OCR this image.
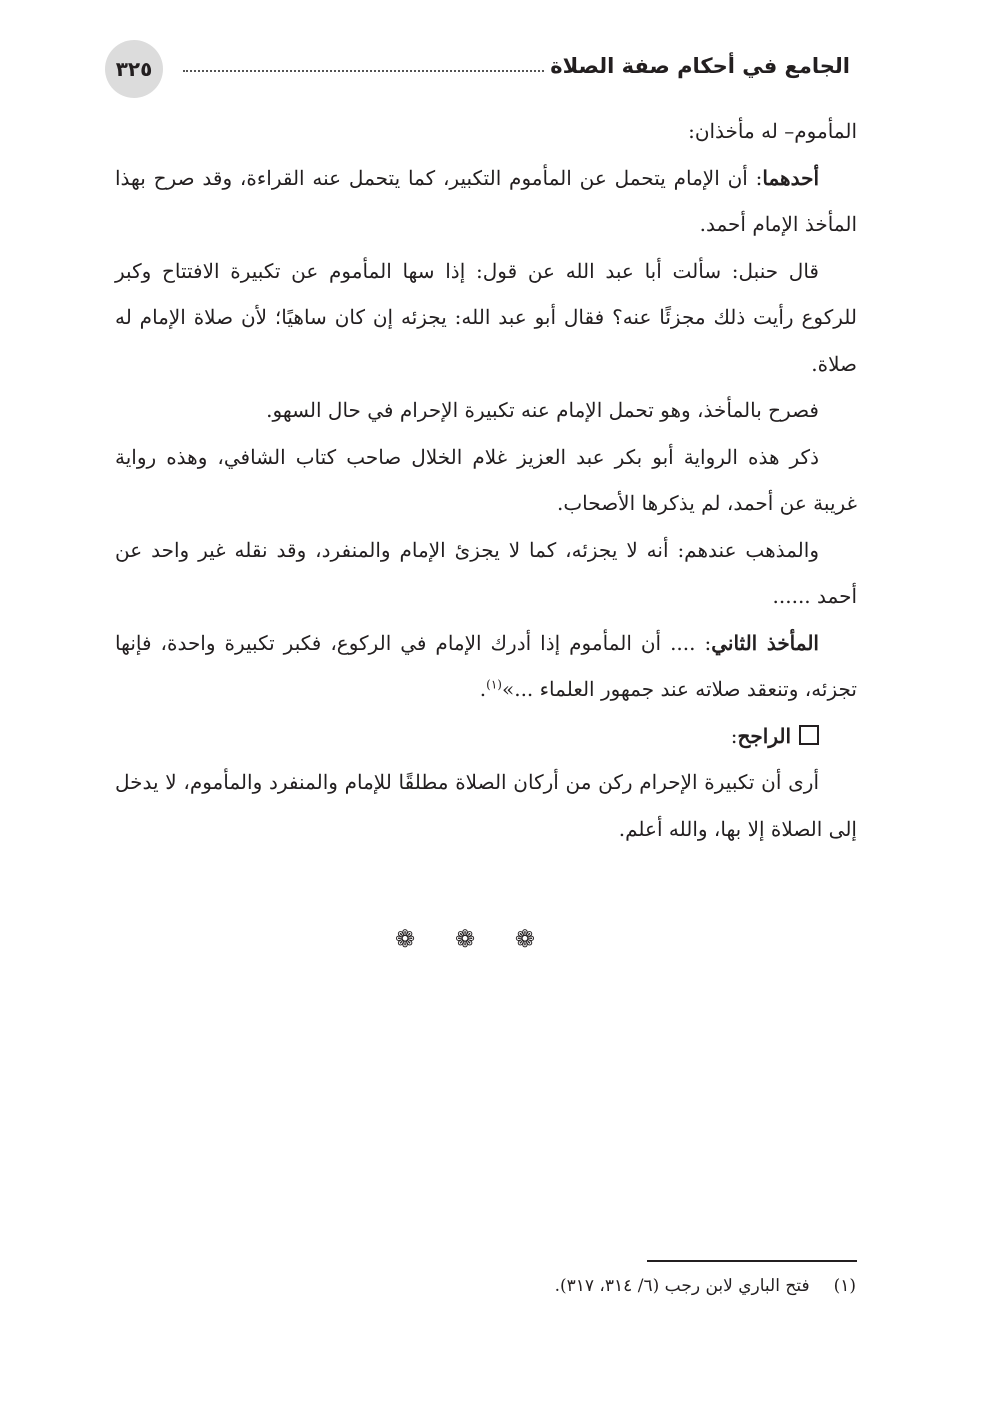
الجامع في أحكام صفة الصلاة
٣٢٥

المأموم– له مأخذان:

أحدهما: أن الإمام يتحمل عن المأموم التكبير، كما يتحمل عنه القراءة، وقد صرح بهذا المأخذ الإمام أحمد.

قال حنبل: سألت أبا عبد الله عن قول: إذا سها المأموم عن تكبيرة الافتتاح وكبر للركوع رأيت ذلك مجزئًا عنه؟ فقال أبو عبد الله: يجزئه إن كان ساهيًا؛ لأن صلاة الإمام له صلاة.

فصرح بالمأخذ، وهو تحمل الإمام عنه تكبيرة الإحرام في حال السهو.

ذكر هذه الرواية أبو بكر عبد العزيز غلام الخلال صاحب كتاب الشافي، وهذه رواية غريبة عن أحمد، لم يذكرها الأصحاب.

والمذهب عندهم: أنه لا يجزئه، كما لا يجزئ الإمام والمنفرد، وقد نقله غير واحد عن أحمد ......

المأخذ الثاني: .... أن المأموم إذا أدرك الإمام في الركوع، فكبر تكبيرة واحدة، فإنها تجزئه، وتنعقد صلاته عند جمهور العلماء ...»$^{(١)}$.

الراجح:

أرى أن تكبيرة الإحرام ركن من أركان الصلاة مطلقًا للإمام والمنفرد والمأموم، لا يدخل إلى الصلاة إلا بها، والله أعلم.

❁ ❁ ❁
(١)فتح الباري لابن رجب (٦/ ٣١٤، ٣١٧).
